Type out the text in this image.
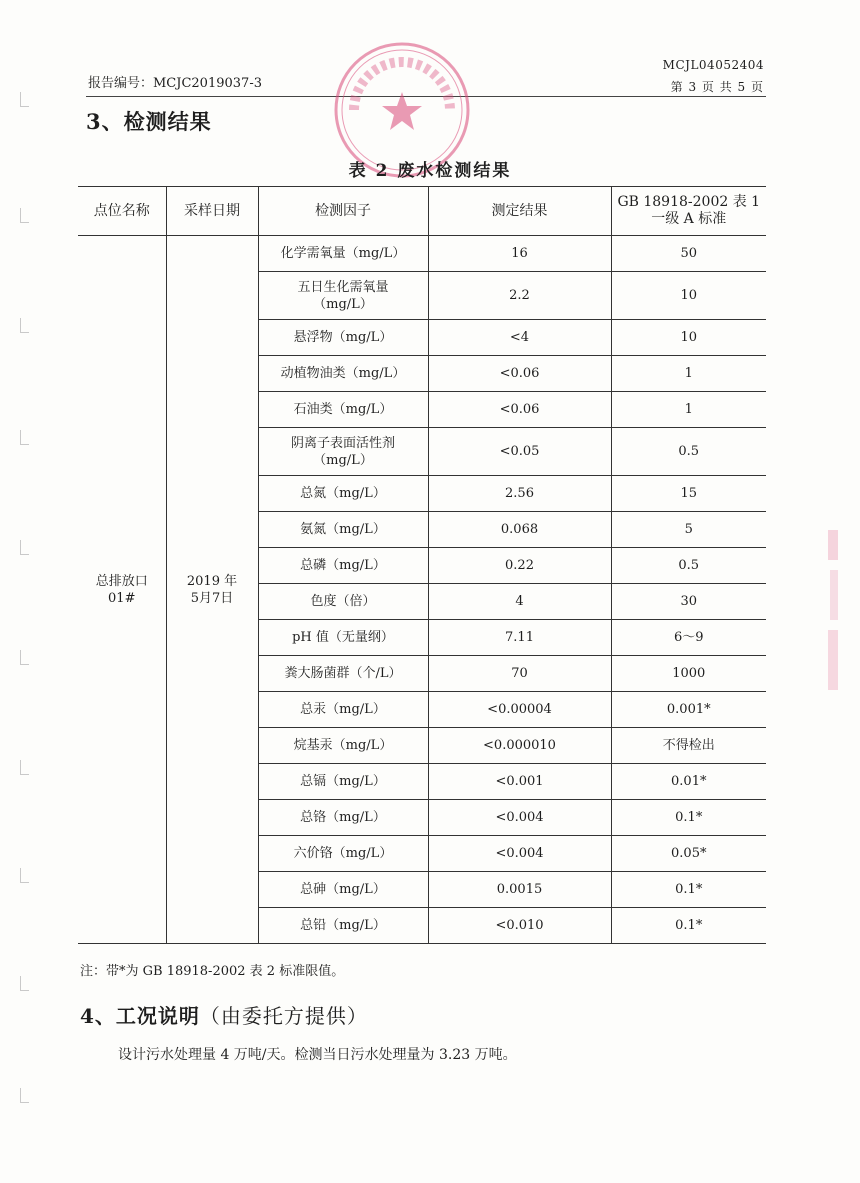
MCJL04052404
报告编号：MCJC2019037-3	第 3 页 共 5 页
3、检测结果
表 2 废水检测结果
点位名称	采样日期	检测因子	测定结果	GB 18918-2002 表 1 一级 A 标准
总排放口 01#	2019 年 5月7日	化学需氧量（mg/L）	16	50
		五日生化需氧量（mg/L）	2.2	10
		悬浮物（mg/L）	<4	10
		动植物油类（mg/L）	<0.06	1
		石油类（mg/L）	<0.06	1
		阴离子表面活性剂（mg/L）	<0.05	0.5
		总氮（mg/L）	2.56	15
		氨氮（mg/L）	0.068	5
		总磷（mg/L）	0.22	0.5
		色度（倍）	4	30
		pH 值（无量纲）	7.11	6～9
		粪大肠菌群（个/L）	70	1000
		总汞（mg/L）	<0.00004	0.001*
		烷基汞（mg/L）	<0.000010	不得检出
		总镉（mg/L）	<0.001	0.01*
		总铬（mg/L）	<0.004	0.1*
		六价铬（mg/L）	<0.004	0.05*
		总砷（mg/L）	0.0015	0.1*
		总铅（mg/L）	<0.010	0.1*
注：带*为 GB 18918-2002 表 2 标准限值。
4、工况说明（由委托方提供）
设计污水处理量 4 万吨/天。检测当日污水处理量为 3.23 万吨。
